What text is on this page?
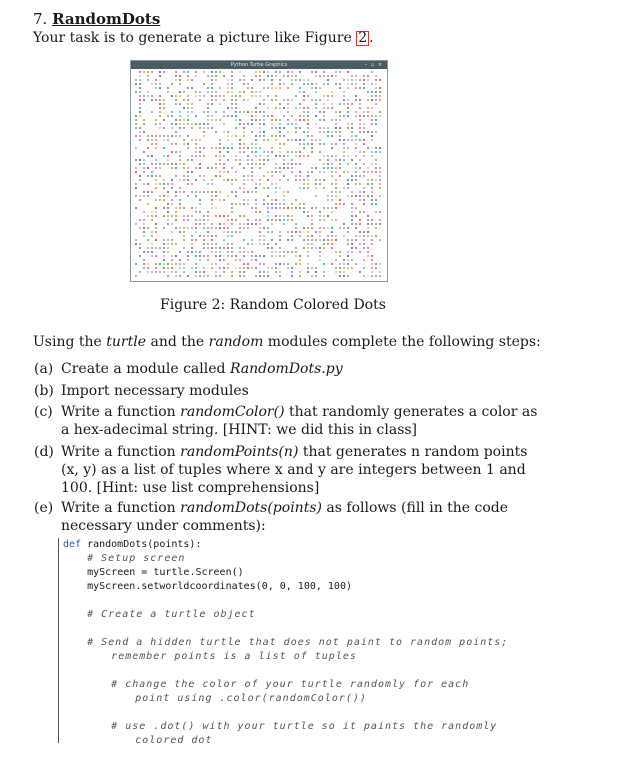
7. RandomDots
Your task is to generate a picture like Figure 2 .
Python Turtle Graphics	– ▫ ×
Figure 2: Random Colored Dots
Using the turtle and the random modules complete the following steps:
(a) Create a module called RandomDots.py
(b) Import necessary modules
(c) Write a function randomColor() that randomly generates a color as a hex-adecimal string. [HINT: we did this in class]
(d) Write a function randomPoints(n) that generates n random points (x, y) as a list of tuples where x and y are integers between 1 and 100. [Hint: use list comprehensions]
(e) Write a function randomDots(points) as follows (fill in the code necessary under comments):
def randomDots(points):
# Setup screen
myScreen = turtle.Screen()
myScreen.setworldcoordinates(0, 0, 100, 100)

# Create a turtle object

# Send a hidden turtle that does not paint to random points;
remember points is a list of tuples

# change the color of your turtle randomly for each
point using .color(randomColor())

# use .dot() with your turtle so it paints the randomly
colored dot
